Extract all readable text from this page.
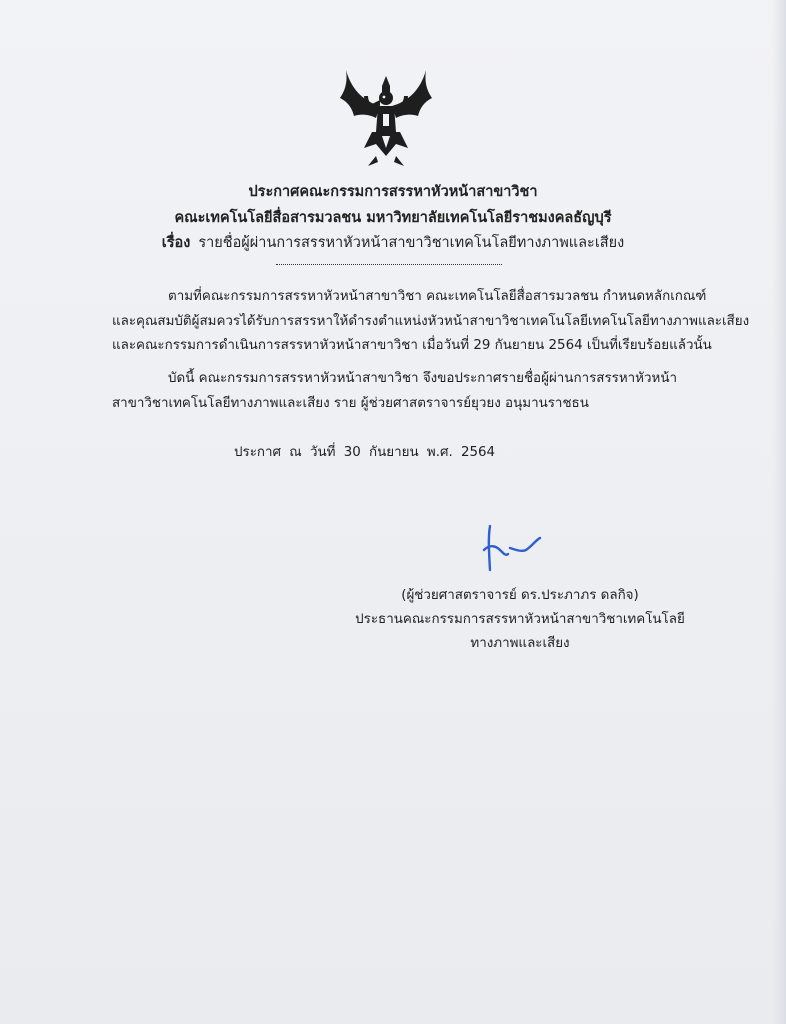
ประกาศคณะกรรมการสรรหาหัวหน้าสาขาวิชา
คณะเทคโนโลยีสื่อสารมวลชน มหาวิทยาลัยเทคโนโลยีราชมงคลธัญบุรี
เรื่อง รายชื่อผู้ผ่านการสรรหาหัวหน้าสาขาวิชาเทคโนโลยีทางภาพและเสียง
ตามที่คณะกรรมการสรรหาหัวหน้าสาขาวิชา คณะเทคโนโลยีสื่อสารมวลชน กำหนดหลักเกณฑ์
และคุณสมบัติผู้สมควรได้รับการสรรหาให้ดำรงตำแหน่งหัวหน้าสาขาวิชาเทคโนโลยีเทคโนโลยีทางภาพและเสียง
และคณะกรรมการดำเนินการสรรหาหัวหน้าสาขาวิชา เมื่อวันที่ 29 กันยายน 2564 เป็นที่เรียบร้อยแล้วนั้น
บัดนี้ คณะกรรมการสรรหาหัวหน้าสาขาวิชา จึงขอประกาศรายชื่อผู้ผ่านการสรรหาหัวหน้า
สาขาวิชาเทคโนโลยีทางภาพและเสียง ราย ผู้ช่วยศาสตราจารย์ยุวยง อนุมานราชธน
ประกาศ ณ วันที่ 30 กันยายน พ.ศ. 2564
(ผู้ช่วยศาสตราจารย์ ดร.ประภาภร ดลกิจ)
ประธานคณะกรรมการสรรหาหัวหน้าสาขาวิชาเทคโนโลยี
ทางภาพและเสียง
